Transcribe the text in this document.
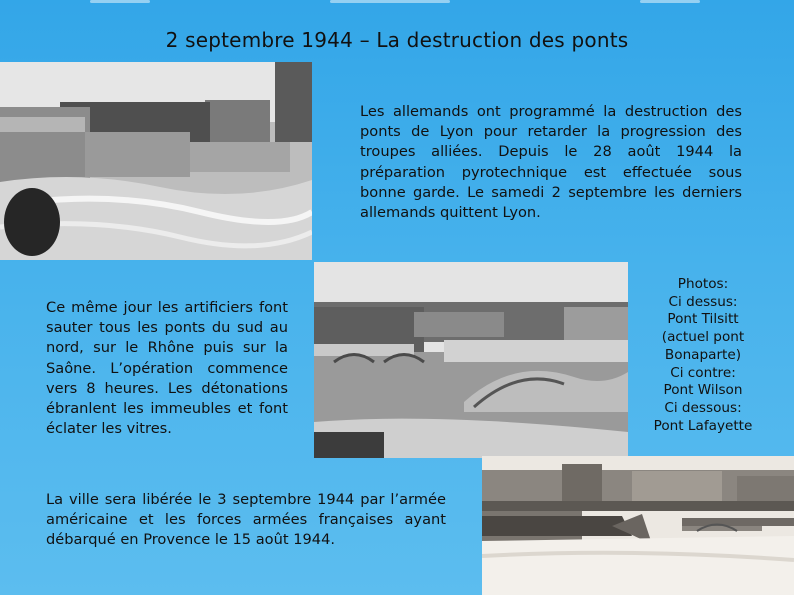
2 septembre 1944 – La destruction des ponts

Les allemands ont programmé la destruction des ponts de Lyon pour retarder la progression des troupes alliées. Depuis le 28 août 1944 la préparation pyrotechnique est effectuée sous bonne garde. Le samedi 2 septembre les derniers allemands quittent Lyon.

Ce même jour les artificiers font sauter tous les ponts du sud au nord, sur le Rhône puis sur la Saône. L’opération commence vers 8 heures. Les détonations ébranlent les immeubles et font éclater les vitres.

Photos:
Ci dessus:
Pont Tilsitt
(actuel pont
Bonaparte)
Ci contre:
Pont Wilson
Ci dessous:
Pont Lafayette

La ville sera libérée le 3 septembre 1944 par l’armée américaine et les forces armées françaises ayant débarqué en Provence le 15 août 1944.
